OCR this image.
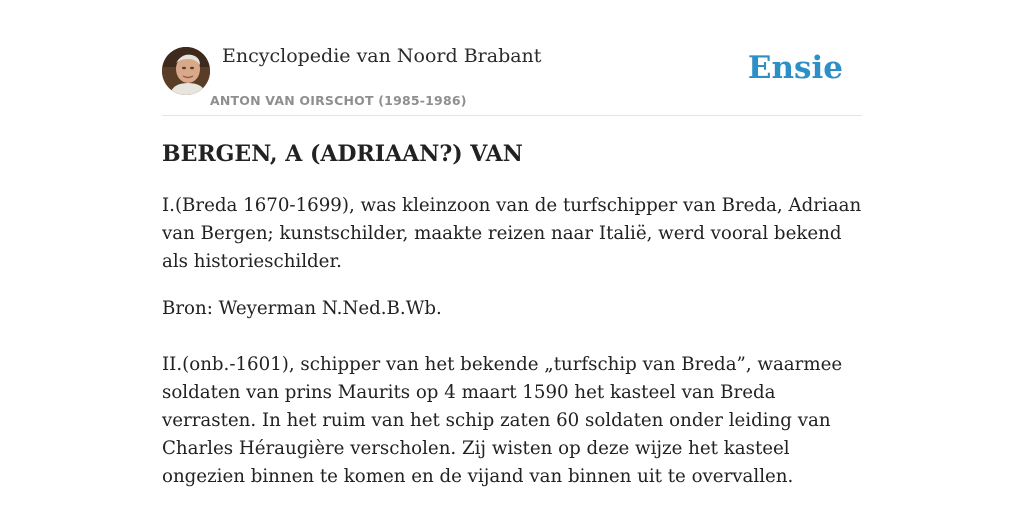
Encyclopedie van Noord Brabant
ANTON VAN OIRSCHOT (1985-1986)
Ensie
BERGEN, A (ADRIAAN?) VAN

I.(Breda 1670-1699), was kleinzoon van de turfschipper van Breda, Adriaan van Bergen; kunstschilder, maakte reizen naar Italië, werd vooral bekend als historieschilder.

Bron: Weyerman N.Ned.B.Wb.

II.(onb.-1601), schipper van het bekende „turfschip van Breda”, waarmee soldaten van prins Maurits op 4 maart 1590 het kasteel van Breda verrasten. In het ruim van het schip zaten 60 soldaten onder leiding van Charles Héraugière verscholen. Zij wisten op deze wijze het kasteel ongezien binnen te komen en de vijand van binnen uit te overvallen.
